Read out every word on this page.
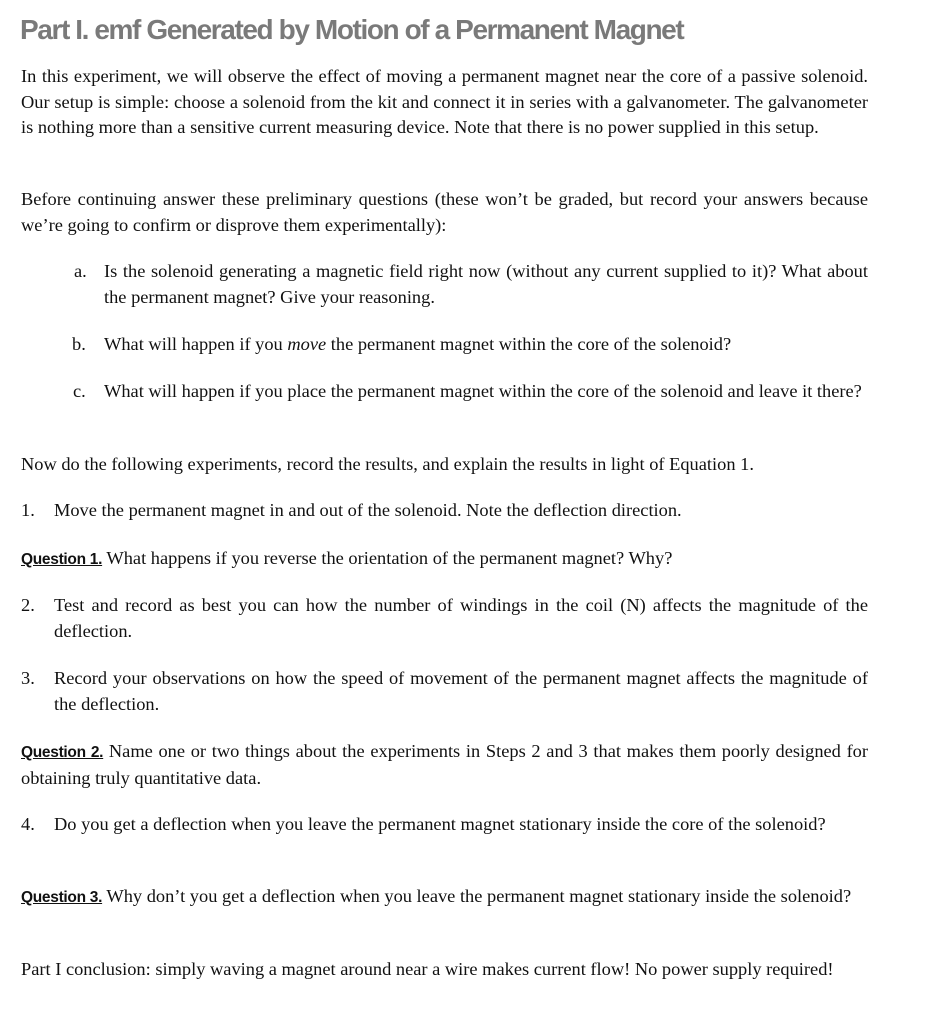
Part I. emf Generated by Motion of a Permanent Magnet
In this experiment, we will observe the effect of moving a permanent magnet near the core of a passive solenoid. Our setup is simple: choose a solenoid from the kit and connect it in series with a galvanometer. The galvanometer is nothing more than a sensitive current measuring device. Note that there is no power supplied in this setup.
Before continuing answer these preliminary questions (these won’t be graded, but record your answers because we’re going to confirm or disprove them experimentally):
a. Is the solenoid generating a magnetic field right now (without any current supplied to it)? What about the permanent magnet? Give your reasoning.
b. What will happen if you move the permanent magnet within the core of the solenoid?
c. What will happen if you place the permanent magnet within the core of the solenoid and leave it there?
Now do the following experiments, record the results, and explain the results in light of Equation 1.
1. Move the permanent magnet in and out of the solenoid. Note the deflection direction.
Question 1. What happens if you reverse the orientation of the permanent magnet? Why?
2. Test and record as best you can how the number of windings in the coil (N) affects the magnitude of the deflection.
3. Record your observations on how the speed of movement of the permanent magnet affects the magnitude of the deflection.
Question 2. Name one or two things about the experiments in Steps 2 and 3 that makes them poorly designed for obtaining truly quantitative data.
4. Do you get a deflection when you leave the permanent magnet stationary inside the core of the solenoid?
Question 3. Why don’t you get a deflection when you leave the permanent magnet stationary inside the solenoid?
Part I conclusion: simply waving a magnet around near a wire makes current flow! No power supply required!
